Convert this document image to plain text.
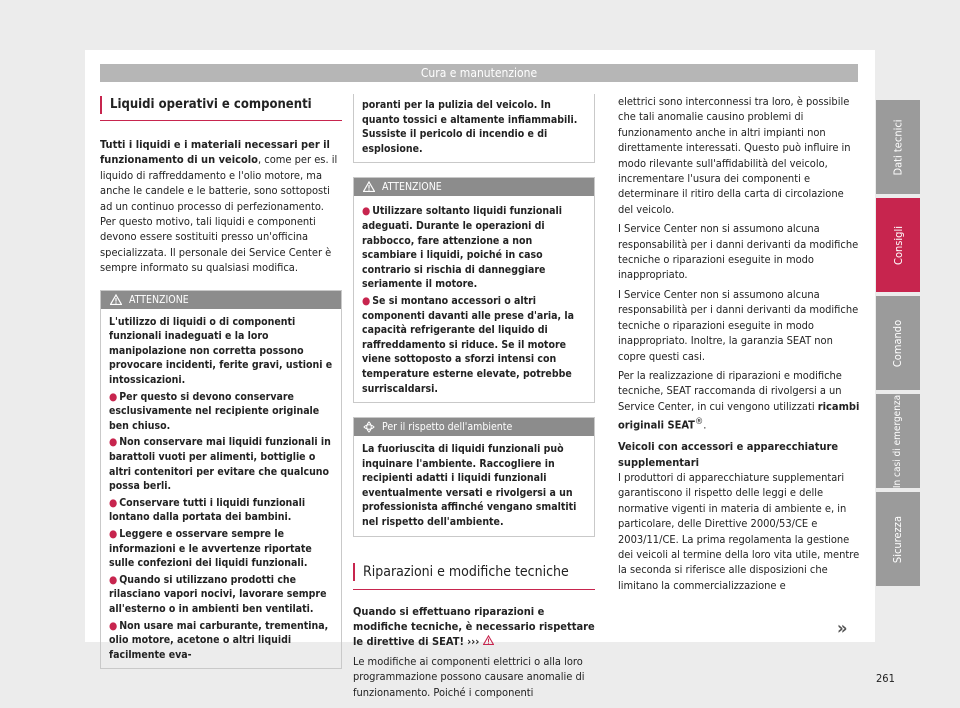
Cura e manutenzione
Liquidi operativi e componenti

Tutti i liquidi e i materiali necessari per il funzionamento di un veicolo, come per es. il liquido di raffreddamento e l'olio motore, ma anche le candele e le batterie, sono sottoposti ad un continuo processo di perfezionamento. Per questo motivo, tali liquidi e componenti devono essere sostituiti presso un'officina specializzata. Il personale dei Service Center è sempre informato su qualsiasi modifica.

ATTENZIONE
L'utilizzo di liquidi o di componenti funzionali inadeguati e la loro manipolazione non corretta possono provocare incidenti, ferite gravi, ustioni e intossicazioni.
● Per questo si devono conservare esclusivamente nel recipiente originale ben chiuso.
● Non conservare mai liquidi funzionali in barattoli vuoti per alimenti, bottiglie o altri contenitori per evitare che qualcuno possa berli.
● Conservare tutti i liquidi funzionali lontano dalla portata dei bambini.
● Leggere e osservare sempre le informazioni e le avvertenze riportate sulle confezioni dei liquidi funzionali.
● Quando si utilizzano prodotti che rilasciano vapori nocivi, lavorare sempre all'esterno o in ambienti ben ventilati.
● Non usare mai carburante, trementina, olio motore, acetone o altri liquidi facilmente eva-
poranti per la pulizia del veicolo. In quanto tossici e altamente infiammabili. Sussiste il pericolo di incendio e di esplosione.
ATTENZIONE
● Utilizzare soltanto liquidi funzionali adeguati. Durante le operazioni di rabbocco, fare attenzione a non scambiare i liquidi, poiché in caso contrario si rischia di danneggiare seriamente il motore.
● Se si montano accessori o altri componenti davanti alle prese d'aria, la capacità refrigerante del liquido di raffreddamento si riduce. Se il motore viene sottoposto a sforzi intensi con temperature esterne elevate, potrebbe surriscaldarsi.
Per il rispetto dell'ambiente
La fuoriuscita di liquidi funzionali può inquinare l'ambiente. Raccogliere in recipienti adatti i liquidi funzionali eventualmente versati e rivolgersi a un professionista affinché vengano smaltiti nel rispetto dell'ambiente.
Riparazioni e modifiche tecniche

Quando si effettuano riparazioni e modifiche tecniche, è necessario rispettare le direttive di SEAT! ›››

Le modifiche ai componenti elettrici o alla loro programmazione possono causare anomalie di funzionamento. Poiché i componenti

elettrici sono interconnessi tra loro, è possibile che tali anomalie causino problemi di funzionamento anche in altri impianti non direttamente interessati. Questo può influire in modo rilevante sull'affidabilità del veicolo, incrementare l'usura dei componenti e determinare il ritiro della carta di circolazione del veicolo.

I Service Center non si assumono alcuna responsabilità per i danni derivanti da modifiche tecniche o riparazioni eseguite in modo inappropriato.

I Service Center non si assumono alcuna responsabilità per i danni derivanti da modifiche tecniche o riparazioni eseguite in modo inappropriato. Inoltre, la garanzia SEAT non copre questi casi.

Per la realizzazione di riparazioni e modifiche tecniche, SEAT raccomanda di rivolgersi a un Service Center, in cui vengono utilizzati ricambi originali SEAT®.

Veicoli con accessori e apparecchiature supplementari

I produttori di apparecchiature supplementari garantiscono il rispetto delle leggi e delle normative vigenti in materia di ambiente e, in particolare, delle Direttive 2000/53/CE e 2003/11/CE. La prima regolamenta la gestione dei veicoli al termine della loro vita utile, mentre la seconda si riferisce alle disposizioni che limitano la commercializzazione e

»
Dati tecnici
Consigli
Comando
In casi di emergenza
Sicurezza
261
